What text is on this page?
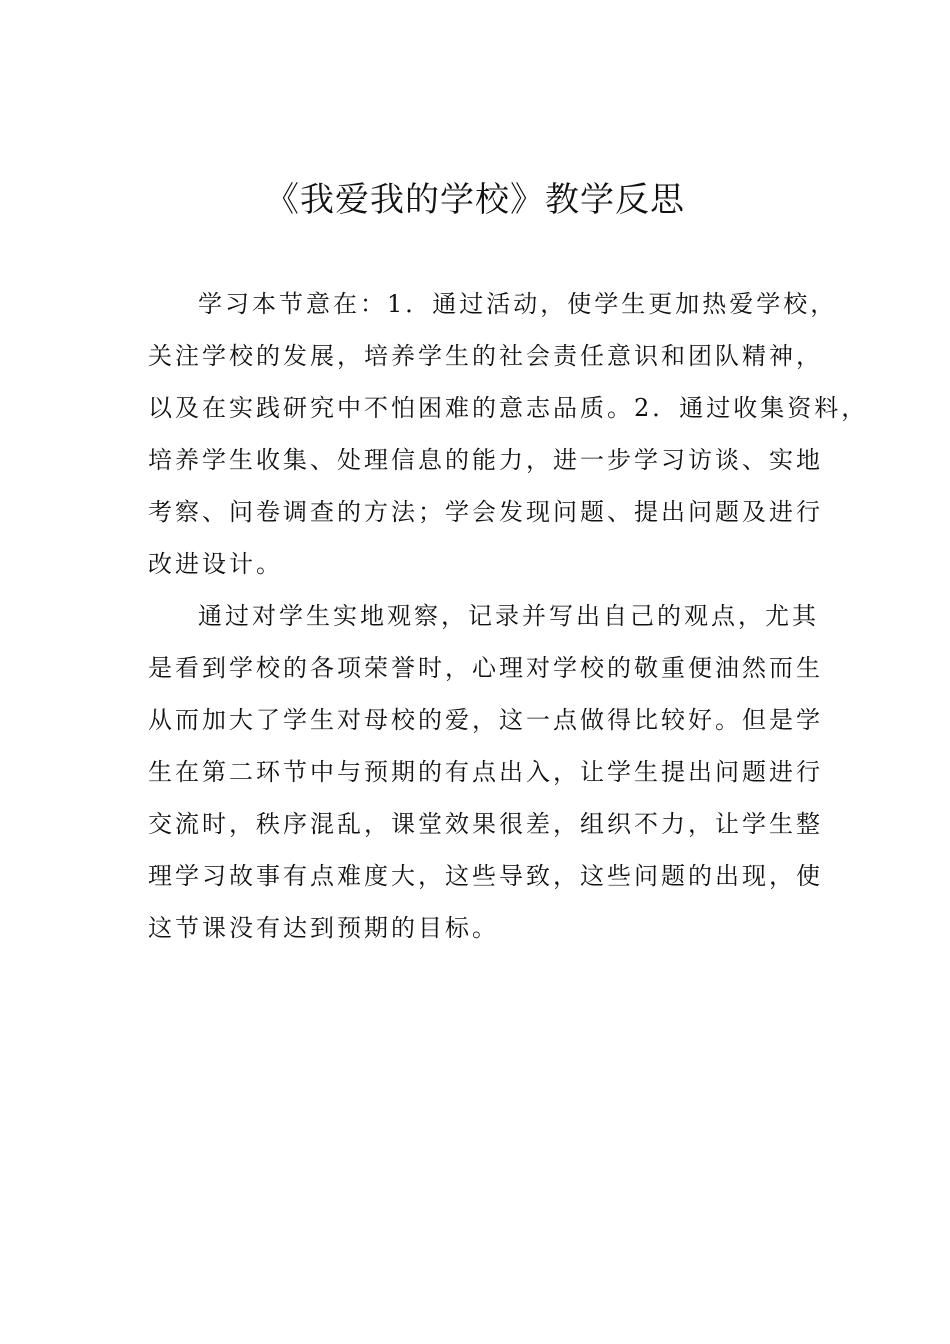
《我爱我的学校》教学反思
学习本节意在：1．通过活动，使学生更加热爱学校，
关注学校的发展，培养学生的社会责任意识和团队精神，
以及在实践研究中不怕困难的意志品质。2．通过收集资料，
培养学生收集、处理信息的能力，进一步学习访谈、实地
考察、问卷调查的方法；学会发现问题、提出问题及进行
改进设计。
通过对学生实地观察，记录并写出自己的观点，尤其
是看到学校的各项荣誉时，心理对学校的敬重便油然而生
从而加大了学生对母校的爱，这一点做得比较好。但是学
生在第二环节中与预期的有点出入，让学生提出问题进行
交流时，秩序混乱，课堂效果很差，组织不力，让学生整
理学习故事有点难度大，这些导致，这些问题的出现，使
这节课没有达到预期的目标。
